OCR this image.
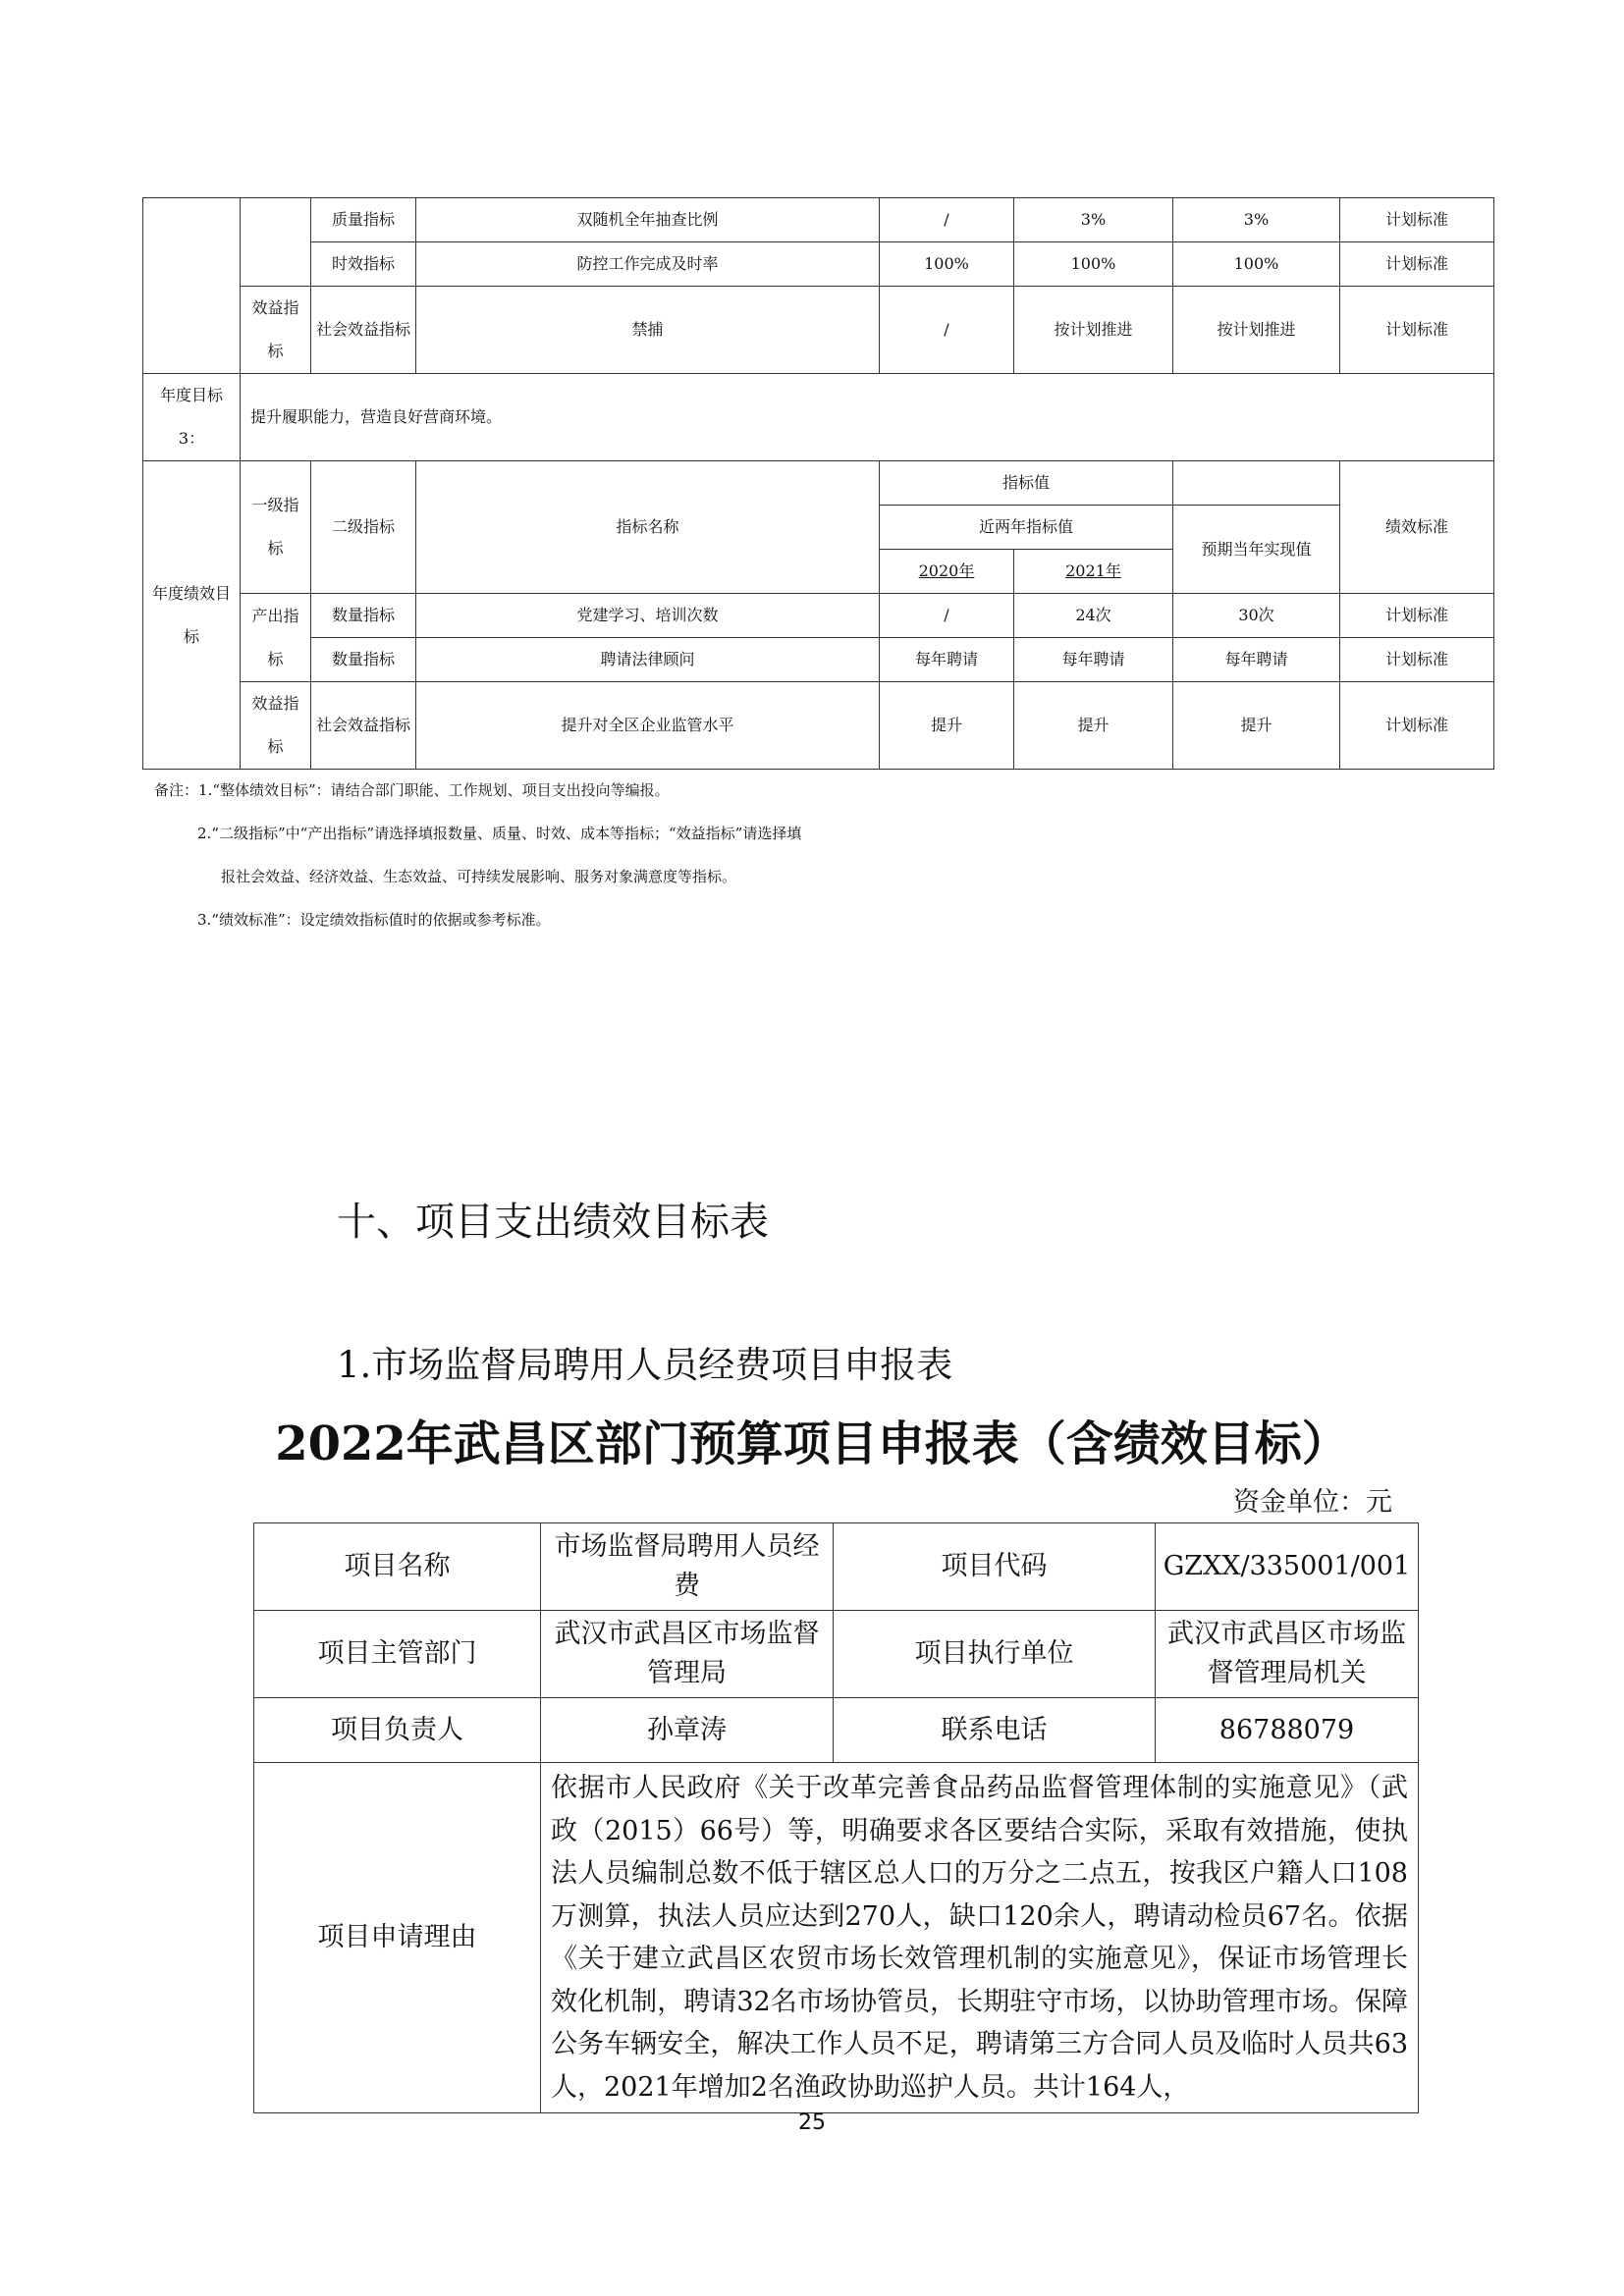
		质量指标	双随机全年抽查比例	/	3%	3%	计划标准
		时效指标	防控工作完成及时率	100%	100%	100%	计划标准
	效益指标	社会效益指标	禁捕	/	按计划推进	按计划推进	计划标准
年度目标3：	提升履职能力，营造良好营商环境。						
年度绩效目标	一级指标	二级指标	指标名称	指标值			绩效标准
				近两年指标值		预期当年实现值	
				2020年	2021年		
	产出指标	数量指标	党建学习、培训次数	/	24次	30次	计划标准
		数量指标	聘请法律顾问	每年聘请	每年聘请	每年聘请	计划标准
	效益指标	社会效益指标	提升对全区企业监管水平	提升	提升	提升	计划标准
备注：1.“整体绩效目标”：请结合部门职能、工作规划、项目支出投向等编报。
2.“二级指标”中“产出指标”请选择填报数量、质量、时效、成本等指标；“效益指标”请选择填
报社会效益、经济效益、生态效益、可持续发展影响、服务对象满意度等指标。
3.“绩效标准”：设定绩效指标值时的依据或参考标准。
十、项目支出绩效目标表
1.市场监督局聘用人员经费项目申报表
2022年武昌区部门预算项目申报表（含绩效目标）
资金单位：元
项目名称	市场监督局聘用人员经费	项目代码	GZXX/335001/001
项目主管部门	武汉市武昌区市场监督管理局	项目执行单位	武汉市武昌区市场监督管理局机关
项目负责人	孙章涛	联系电话	86788079
项目申请理由	依据市人民政府《关于改革完善食品药品监督管理体制的实施意见》（武政（2015）66号）等，明确要求各区要结合实际，采取有效措施，使执法人员编制总数不低于辖区总人口的万分之二点五，按我区户籍人口108万测算，执法人员应达到270人，缺口120余人，聘请动检员67名。依据《关于建立武昌区农贸市场长效管理机制的实施意见》，保证市场管理长效化机制，聘请32名市场协管员，长期驻守市场，以协助管理市场。保障公务车辆安全，解决工作人员不足，聘请第三方合同人员及临时人员共63人，2021年增加2名渔政协助巡护人员。共计164人，		
25
